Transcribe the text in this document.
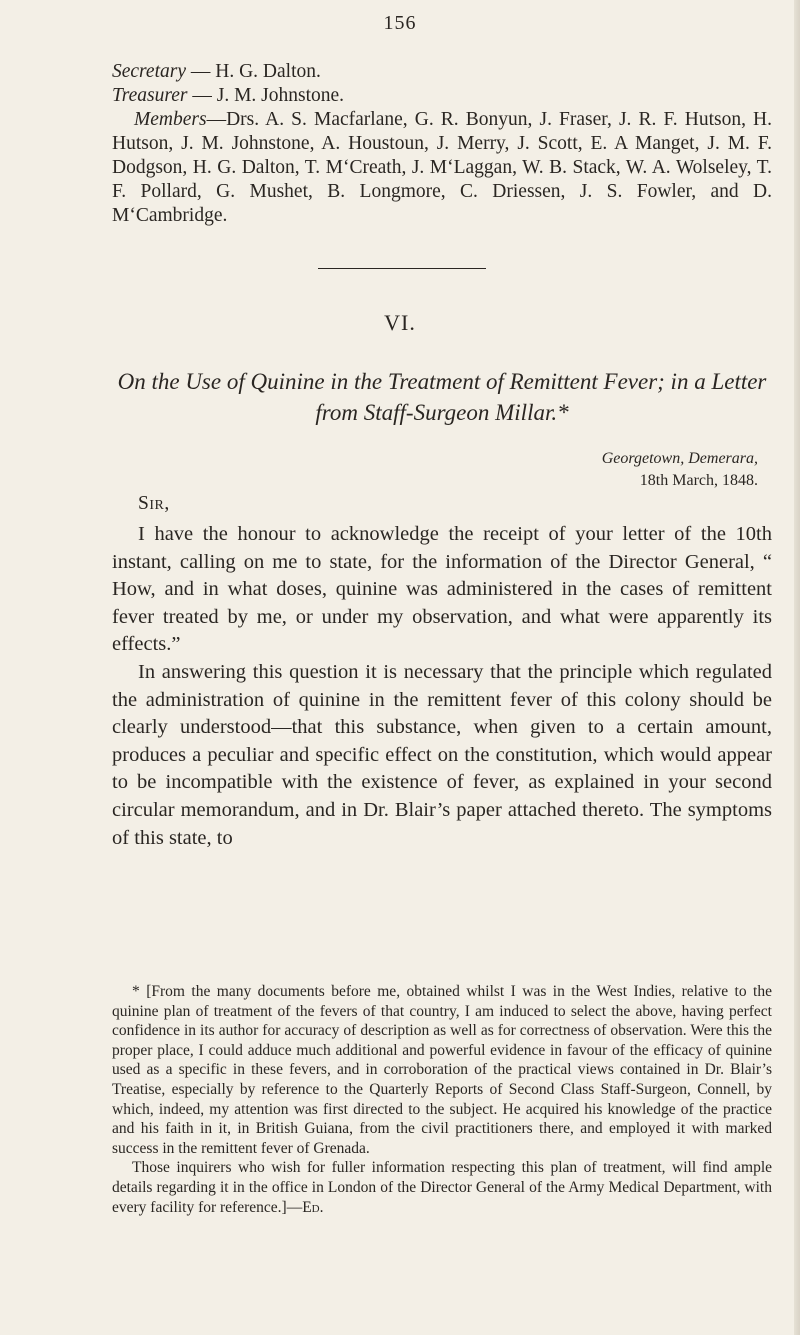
156

Secretary — H. G. Dalton.

Treasurer — J. M. Johnstone.

Members—Drs. A. S. Macfarlane, G. R. Bonyun, J. Fraser, J. R. F. Hutson, H. Hutson, J. M. Johnstone, A. Houstoun, J. Merry, J. Scott, E. A Manget, J. M. F. Dodgson, H. G. Dalton, T. M‘Creath, J. M‘Laggan, W. B. Stack, W. A. Wolseley, T. F. Pollard, G. Mushet, B. Longmore, C. Driessen, J. S. Fowler, and D. M‘Cambridge.

VI.
On the Use of Quinine in the Treatment of Remittent Fever; in a Letter from Staff-Surgeon Millar.*
Georgetown, Demerara,
18th March, 1848.
Sir,

I have the honour to acknowledge the receipt of your letter of the 10th instant, calling on me to state, for the information of the Director General, “ How, and in what doses, quinine was administered in the cases of remittent fever treated by me, or under my observation, and what were apparently its effects.”

In answering this question it is necessary that the principle which regulated the administration of quinine in the remittent fever of this colony should be clearly understood—that this substance, when given to a certain amount, produces a peculiar and specific effect on the constitution, which would appear to be incompatible with the existence of fever, as explained in your second circular memorandum, and in Dr. Blair’s paper attached thereto. The symptoms of this state, to

* [From the many documents before me, obtained whilst I was in the West Indies, relative to the quinine plan of treatment of the fevers of that country, I am induced to select the above, having perfect confidence in its author for accuracy of description as well as for correctness of observation. Were this the proper place, I could adduce much additional and powerful evidence in favour of the efficacy of quinine used as a specific in these fevers, and in corroboration of the practical views contained in Dr. Blair’s Treatise, especially by reference to the Quarterly Reports of Second Class Staff-Surgeon, Connell, by which, indeed, my attention was first directed to the subject. He acquired his knowledge of the practice and his faith in it, in British Guiana, from the civil practitioners there, and employed it with marked success in the remittent fever of Grenada.

Those inquirers who wish for fuller information respecting this plan of treatment, will find ample details regarding it in the office in London of the Director General of the Army Medical Department, with every facility for reference.]—Ed.
